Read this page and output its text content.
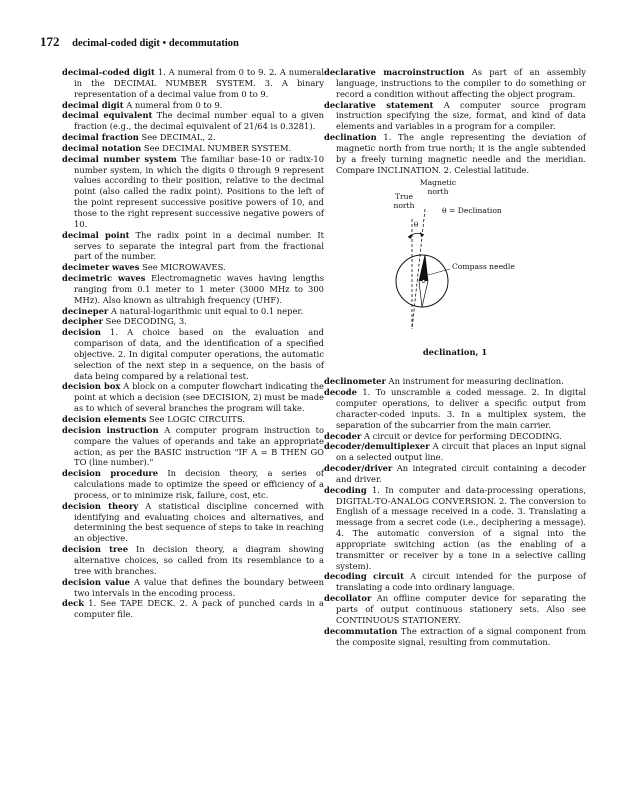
172 decimal-coded digit • decommutation

decimal-coded digit 1. A numeral from 0 to 9. 2. A numeral in the DECIMAL NUMBER SYSTEM. 3. A binary representation of a decimal value from 0 to 9.

decimal digit A numeral from 0 to 9.

decimal equivalent The decimal number equal to a given fraction (e.g., the decimal equivalent of 21/64 is 0.3281).

decimal fraction See DECIMAL, 2.

decimal notation See DECIMAL NUMBER SYSTEM.

decimal number system The familiar base-10 or radix-10 number system, in which the digits 0 through 9 represent values according to their position, relative to the decimal point (also called the radix point). Positions to the left of the point represent successive positive powers of 10, and those to the right represent successive negative powers of 10.

decimal point The radix point in a decimal number. It serves to separate the integral part from the fractional part of the number.

decimeter waves See MICROWAVES.

decimetric waves Electromagnetic waves having lengths ranging from 0.1 meter to 1 meter (3000 MHz to 300 MHz). Also known as ultrahigh frequency (UHF).

decineper A natural-logarithmic unit equal to 0.1 neper.

decipher See DECODING, 3.

decision 1. A choice based on the evaluation and comparison of data, and the identification of a specified objective. 2. In digital computer operations, the automatic selection of the next step in a sequence, on the basis of data being compared by a relational test.

decision box A block on a computer flowchart indicating the point at which a decision (see DECISION, 2) must be made as to which of several branches the program will take.

decision elements See LOGIC CIRCUITS.

decision instruction A computer program instruction to compare the values of operands and take an appropriate action, as per the BASIC instruction "IF A = B THEN GO TO (line number)."

decision procedure In decision theory, a series of calculations made to optimize the speed or efficiency of a process, or to minimize risk, failure, cost, etc.

decision theory A statistical discipline concerned with identifying and evaluating choices and alternatives, and determining the best sequence of steps to take in reaching an objective.

decision tree In decision theory, a diagram showing alternative choices, so called from its resemblance to a tree with branches.

decision value A value that defines the boundary between two intervals in the encoding process.

deck 1. See TAPE DECK. 2. A pack of punched cards in a computer file.

declarative macroinstruction As part of an assembly language, instructions to the compiler to do something or record a condition without affecting the object program.

declarative statement A computer source program instruction specifying the size, format, and kind of data elements and variables in a program for a compiler.

declination 1. The angle representing the deviation of magnetic north from true north; it is the angle subtended by a freely turning magnetic needle and the meridian. Compare INCLINATION. 2. Celestial latitude.

Magnetic north
True north
θ
θ = Declination
Compass needle
declination, 1

declinometer An instrument for measuring declination.

decode 1. To unscramble a coded message. 2. In digital computer operations, to deliver a specific output from character-coded inputs. 3. In a multiplex system, the separation of the subcarrier from the main carrier.

decoder A circuit or device for performing DECODING.

decoder/demultiplexer A circuit that places an input signal on a selected output line.

decoder/driver An integrated circuit containing a decoder and driver.

decoding 1. In computer and data-processing operations, DIGITAL-TO-ANALOG CONVERSION. 2. The conversion to English of a message received in a code. 3. Translating a message from a secret code (i.e., deciphering a message). 4. The automatic conversion of a signal into the appropriate switching action (as the enabling of a transmitter or receiver by a tone in a selective calling system).

decoding circuit A circuit intended for the purpose of translating a code into ordinary language.

decollator An offline computer device for separating the parts of output continuous stationery sets. Also see CONTINUOUS STATIONERY.

decommutation The extraction of a signal component from the composite signal, resulting from commutation.
